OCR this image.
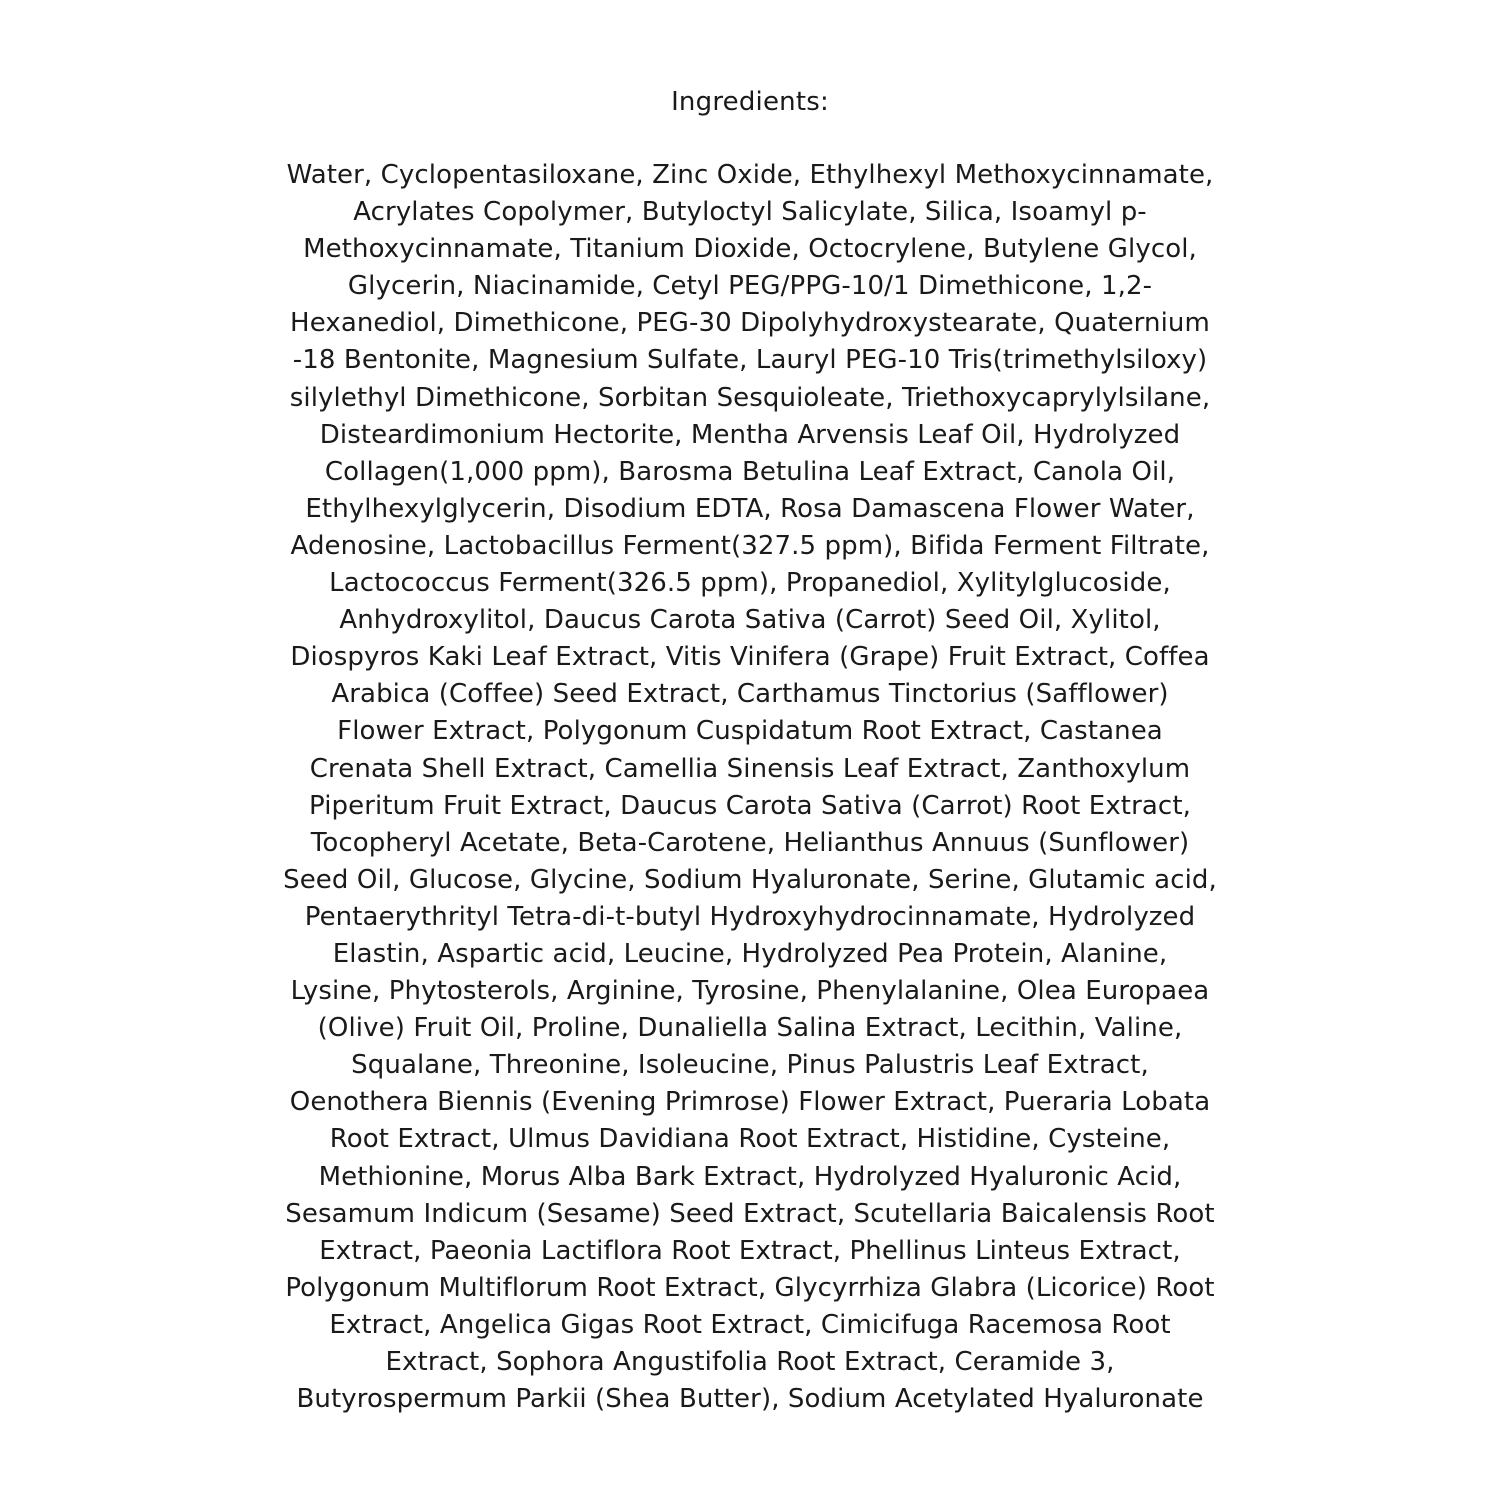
Ingredients:
Water, Cyclopentasiloxane, Zinc Oxide, Ethylhexyl Methoxycinnamate,
Acrylates Copolymer, Butyloctyl Salicylate, Silica, Isoamyl p-
Methoxycinnamate, Titanium Dioxide, Octocrylene, Butylene Glycol,
Glycerin, Niacinamide, Cetyl PEG/PPG-10/1 Dimethicone, 1,2-
Hexanediol, Dimethicone, PEG-30 Dipolyhydroxystearate, Quaternium
-18 Bentonite, Magnesium Sulfate, Lauryl PEG-10 Tris(trimethylsiloxy)
silylethyl Dimethicone, Sorbitan Sesquioleate, Triethoxycaprylylsilane,
Disteardimonium Hectorite, Mentha Arvensis Leaf Oil, Hydrolyzed
Collagen(1,000 ppm), Barosma Betulina Leaf Extract, Canola Oil,
Ethylhexylglycerin, Disodium EDTA, Rosa Damascena Flower Water,
Adenosine, Lactobacillus Ferment(327.5 ppm), Bifida Ferment Filtrate,
Lactococcus Ferment(326.5 ppm), Propanediol, Xylitylglucoside,
Anhydroxylitol, Daucus Carota Sativa (Carrot) Seed Oil, Xylitol,
Diospyros Kaki Leaf Extract, Vitis Vinifera (Grape) Fruit Extract, Coffea
Arabica (Coffee) Seed Extract, Carthamus Tinctorius (Safflower)
Flower Extract, Polygonum Cuspidatum Root Extract, Castanea
Crenata Shell Extract, Camellia Sinensis Leaf Extract, Zanthoxylum
Piperitum Fruit Extract, Daucus Carota Sativa (Carrot) Root Extract,
Tocopheryl Acetate, Beta-Carotene, Helianthus Annuus (Sunflower)
Seed Oil, Glucose, Glycine, Sodium Hyaluronate, Serine, Glutamic acid,
Pentaerythrityl Tetra-di-t-butyl Hydroxyhydrocinnamate, Hydrolyzed
Elastin, Aspartic acid, Leucine, Hydrolyzed Pea Protein, Alanine,
Lysine, Phytosterols, Arginine, Tyrosine, Phenylalanine, Olea Europaea
(Olive) Fruit Oil, Proline, Dunaliella Salina Extract, Lecithin, Valine,
Squalane, Threonine, Isoleucine, Pinus Palustris Leaf Extract,
Oenothera Biennis (Evening Primrose) Flower Extract, Pueraria Lobata
Root Extract, Ulmus Davidiana Root Extract, Histidine, Cysteine,
Methionine, Morus Alba Bark Extract, Hydrolyzed Hyaluronic Acid,
Sesamum Indicum (Sesame) Seed Extract, Scutellaria Baicalensis Root
Extract, Paeonia Lactiflora Root Extract, Phellinus Linteus Extract,
Polygonum Multiflorum Root Extract, Glycyrrhiza Glabra (Licorice) Root
Extract, Angelica Gigas Root Extract, Cimicifuga Racemosa Root
Extract, Sophora Angustifolia Root Extract, Ceramide 3,
Butyrospermum Parkii (Shea Butter), Sodium Acetylated Hyaluronate
